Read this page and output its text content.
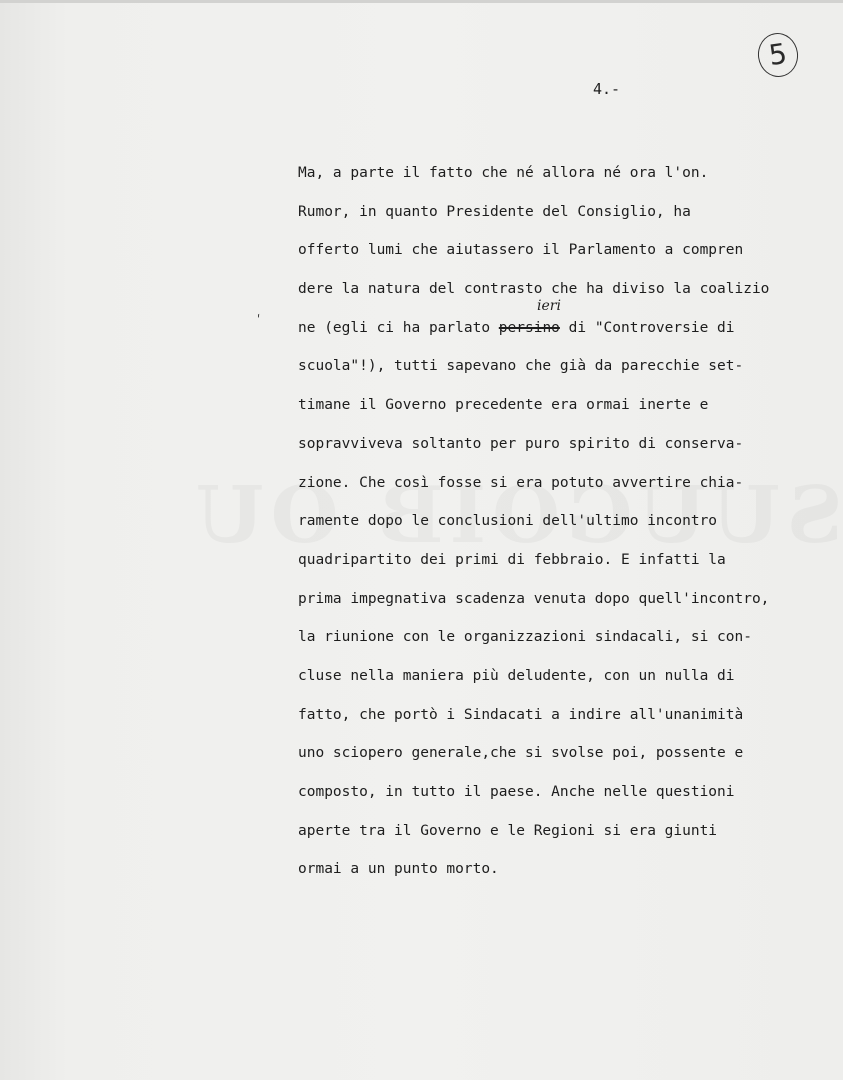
5
4.-
´
ieri
Ma, a parte il fatto che né allora né ora l'on.
Rumor, in quanto Presidente del Consiglio, ha
offerto lumi che aiutassero il Parlamento a compren
dere la natura del contrasto che ha diviso la coalizio
ne (egli ci ha parlato persino di "Controversie di
scuola"!), tutti sapevano che già da parecchie set-
timane il Governo precedente era ormai inerte e
sopravviveva soltanto per puro spirito di conserva-
zione. Che così fosse si era potuto avvertire chia-
ramente dopo le conclusioni dell'ultimo incontro
quadripartito dei primi di febbraio. E infatti la
prima impegnativa scadenza venuta dopo quell'incontro,
la riunione con le organizzazioni sindacali, si con-
cluse nella maniera più deludente, con un nulla di
fatto, che portò i Sindacati a indire all'unanimità
uno sciopero generale,che si svolse poi, possente e
composto, in tutto il paese. Anche nelle questioni
aperte tra il Governo e le Regioni si era giunti
ormai a un punto morto.
